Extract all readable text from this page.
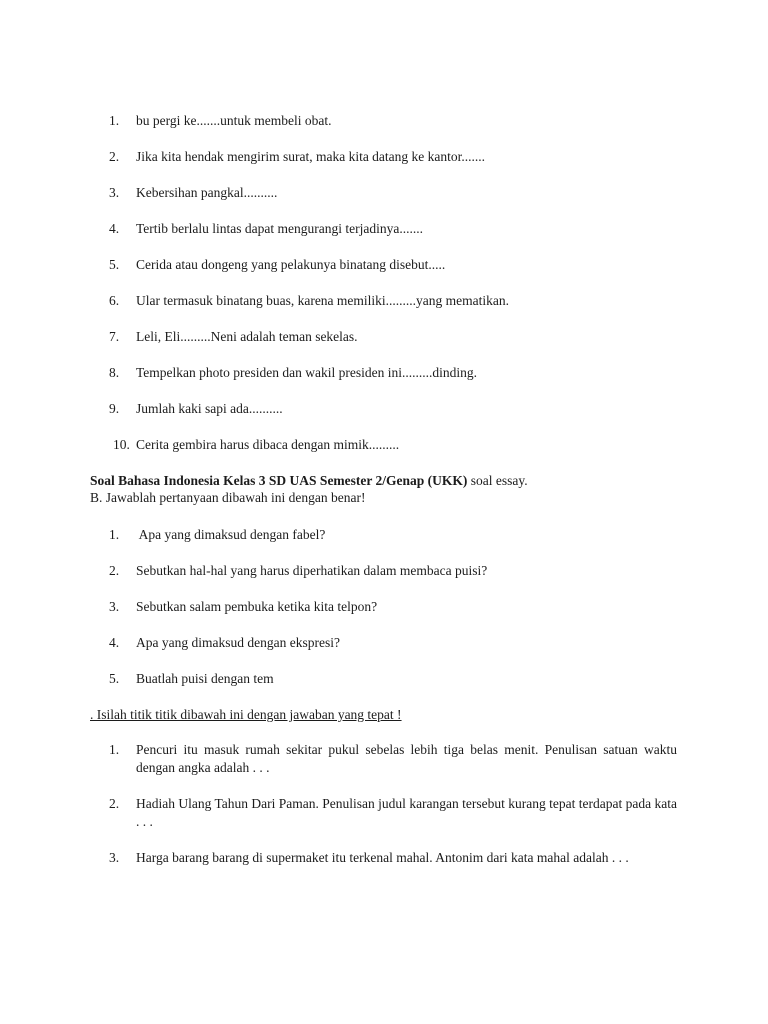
1.	bu pergi ke.......untuk membeli obat.
2.	Jika kita hendak mengirim surat, maka kita datang ke kantor.......
3.	Kebersihan pangkal..........
4.	Tertib berlalu lintas dapat mengurangi terjadinya.......
5.	Cerida atau dongeng yang pelakunya binatang disebut.....
6.	Ular termasuk binatang buas, karena memiliki.........yang mematikan.
7.	Leli, Eli.........Neni adalah teman sekelas.
8.	Tempelkan photo presiden dan wakil presiden ini.........dinding.
9.	Jumlah kaki sapi ada..........
10. Cerita gembira harus dibaca dengan mimik.........
Soal Bahasa Indonesia Kelas 3 SD UAS Semester 2/Genap (UKK) soal essay.
B. Jawablah pertanyaan dibawah ini dengan benar!
1.	Apa yang dimaksud dengan fabel?
2.	Sebutkan hal-hal yang harus diperhatikan dalam membaca puisi?
3.	Sebutkan salam pembuka ketika kita telpon?
4.	Apa yang dimaksud dengan ekspresi?
5.	Buatlah puisi dengan tem
. Isilah titik titik dibawah ini dengan jawaban yang tepat !
1.	Pencuri itu masuk rumah sekitar pukul sebelas lebih tiga belas menit. Penulisan satuan waktu dengan angka adalah . . .
2.	Hadiah Ulang Tahun Dari Paman. Penulisan judul karangan tersebut kurang tepat terdapat pada kata . . .
3.	Harga barang barang di supermaket itu terkenal mahal. Antonim dari kata mahal adalah . . .
